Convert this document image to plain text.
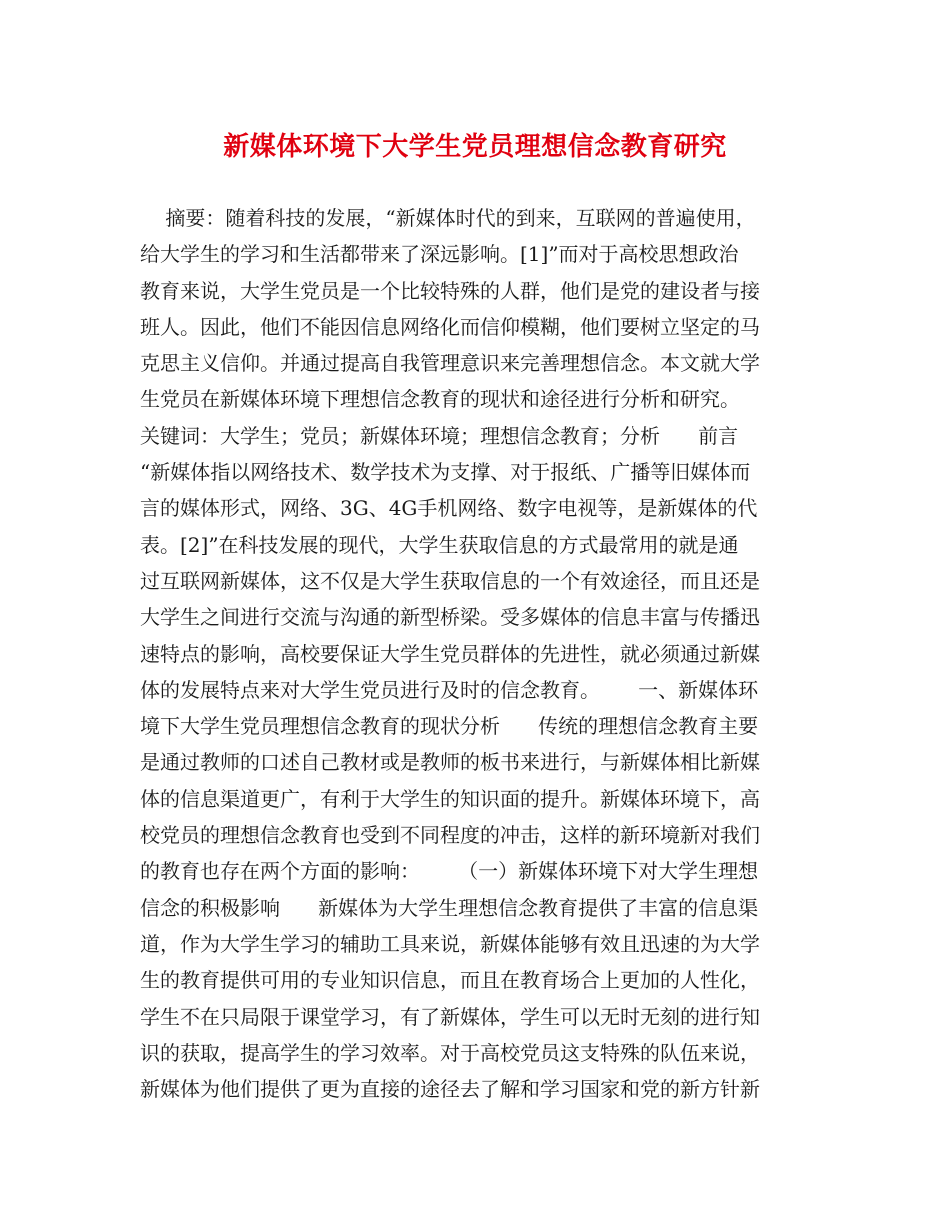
新媒体环境下大学生党员理想信念教育研究
摘要：随着科技的发展，“新媒体时代的到来，互联网的普遍使用，
给大学生的学习和生活都带来了深远影响。[1]”而对于高校思想政治
教育来说，大学生党员是一个比较特殊的人群，他们是党的建设者与接
班人。因此，他们不能因信息网络化而信仰模糊，他们要树立坚定的马
克思主义信仰。并通过提高自我管理意识来完善理想信念。本文就大学
生党员在新媒体环境下理想信念教育的现状和途径进行分析和研究。
关键词：大学生；党员；新媒体环境；理想信念教育；分析      前言
“新媒体指以网络技术、数学技术为支撑、对于报纸、广播等旧媒体而
言的媒体形式，网络、3G、4G手机网络、数字电视等，是新媒体的代
表。[2]”在科技发展的现代，大学生获取信息的方式最常用的就是通
过互联网新媒体，这不仅是大学生获取信息的一个有效途径，而且还是
大学生之间进行交流与沟通的新型桥梁。受多媒体的信息丰富与传播迅
速特点的影响，高校要保证大学生党员群体的先进性，就必须通过新媒
体的发展特点来对大学生党员进行及时的信念教育。      一、新媒体环
境下大学生党员理想信念教育的现状分析      传统的理想信念教育主要
是通过教师的口述自己教材或是教师的板书来进行，与新媒体相比新媒
体的信息渠道更广，有利于大学生的知识面的提升。新媒体环境下，高
校党员的理想信念教育也受到不同程度的冲击，这样的新环境新对我们
的教育也存在两个方面的影响：      （一）新媒体环境下对大学生理想
信念的积极影响      新媒体为大学生理想信念教育提供了丰富的信息渠
道，作为大学生学习的辅助工具来说，新媒体能够有效且迅速的为大学
生的教育提供可用的专业知识信息，而且在教育场合上更加的人性化，
学生不在只局限于课堂学习，有了新媒体，学生可以无时无刻的进行知
识的获取，提高学生的学习效率。对于高校党员这支特殊的队伍来说，
新媒体为他们提供了更为直接的途径去了解和学习国家和党的新方针新
